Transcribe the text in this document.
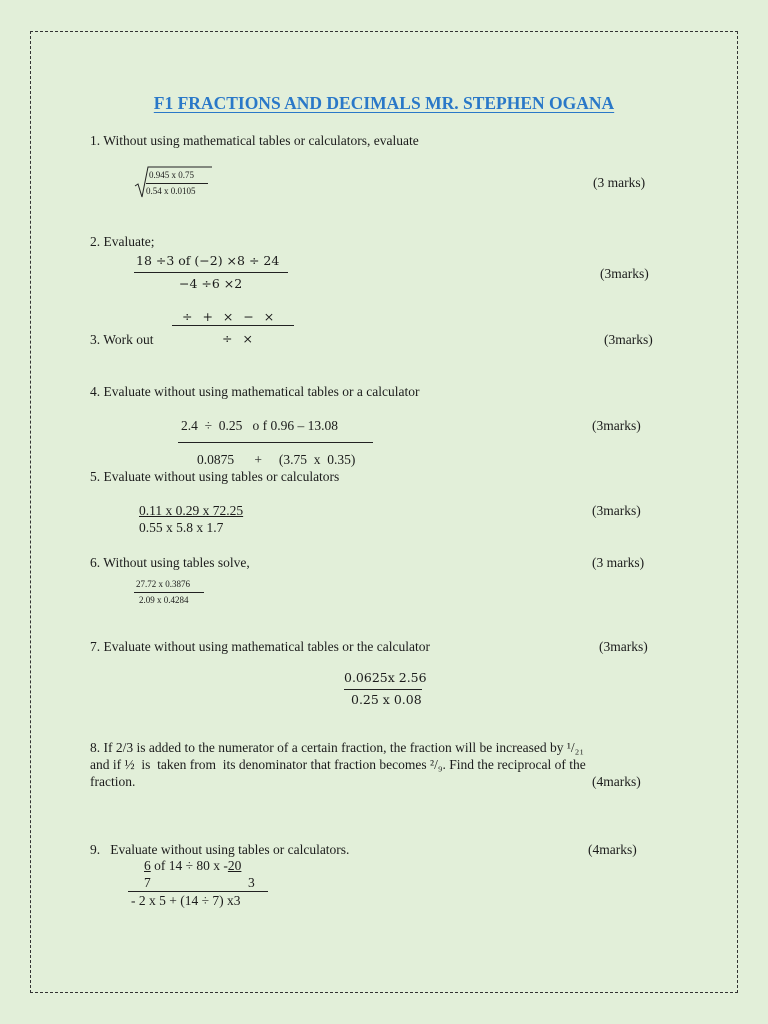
F1 FRACTIONS AND DECIMALS MR. STEPHEN OGANA
1. Without using mathematical tables or calculators, evaluate
0.945 x 0.75
0.54 x 0.0105
(3 marks)
2. Evaluate;
18 ÷3 of (−2) ×8 ÷ 24
−4 ÷6 ×2
(3marks)
÷ + × − ×
÷ ×
3. Work out	(3marks)
4. Evaluate without using mathematical tables or a calculator
2.4  ÷  0.25   o f 0.96 – 13.08
0.0875      +     (3.75  x  0.35)
(3marks)
5. Evaluate without using tables or calculators
0.11 x 0.29 x 72.25
0.55 x 5.8 x 1.7
(3marks)
6. Without using tables solve,
27.72 x 0.3876
2.09 x 0.4284
(3 marks)
7. Evaluate without using mathematical tables or the calculator	(3marks)
0.0625x 2.56
0.25 x 0.08
8. If 2/3 is added to the numerator of a certain fraction, the fraction will be increased by ¹/₂₁
and if ½  is  taken from  its denominator that fraction becomes ²/₉. Find the reciprocal of the
fraction.	(4marks)
9.   Evaluate without using tables or calculators.	(4marks)
6 of 14 ÷ 80 x -20
7	3
- 2 x 5 + (14 ÷ 7) x3
